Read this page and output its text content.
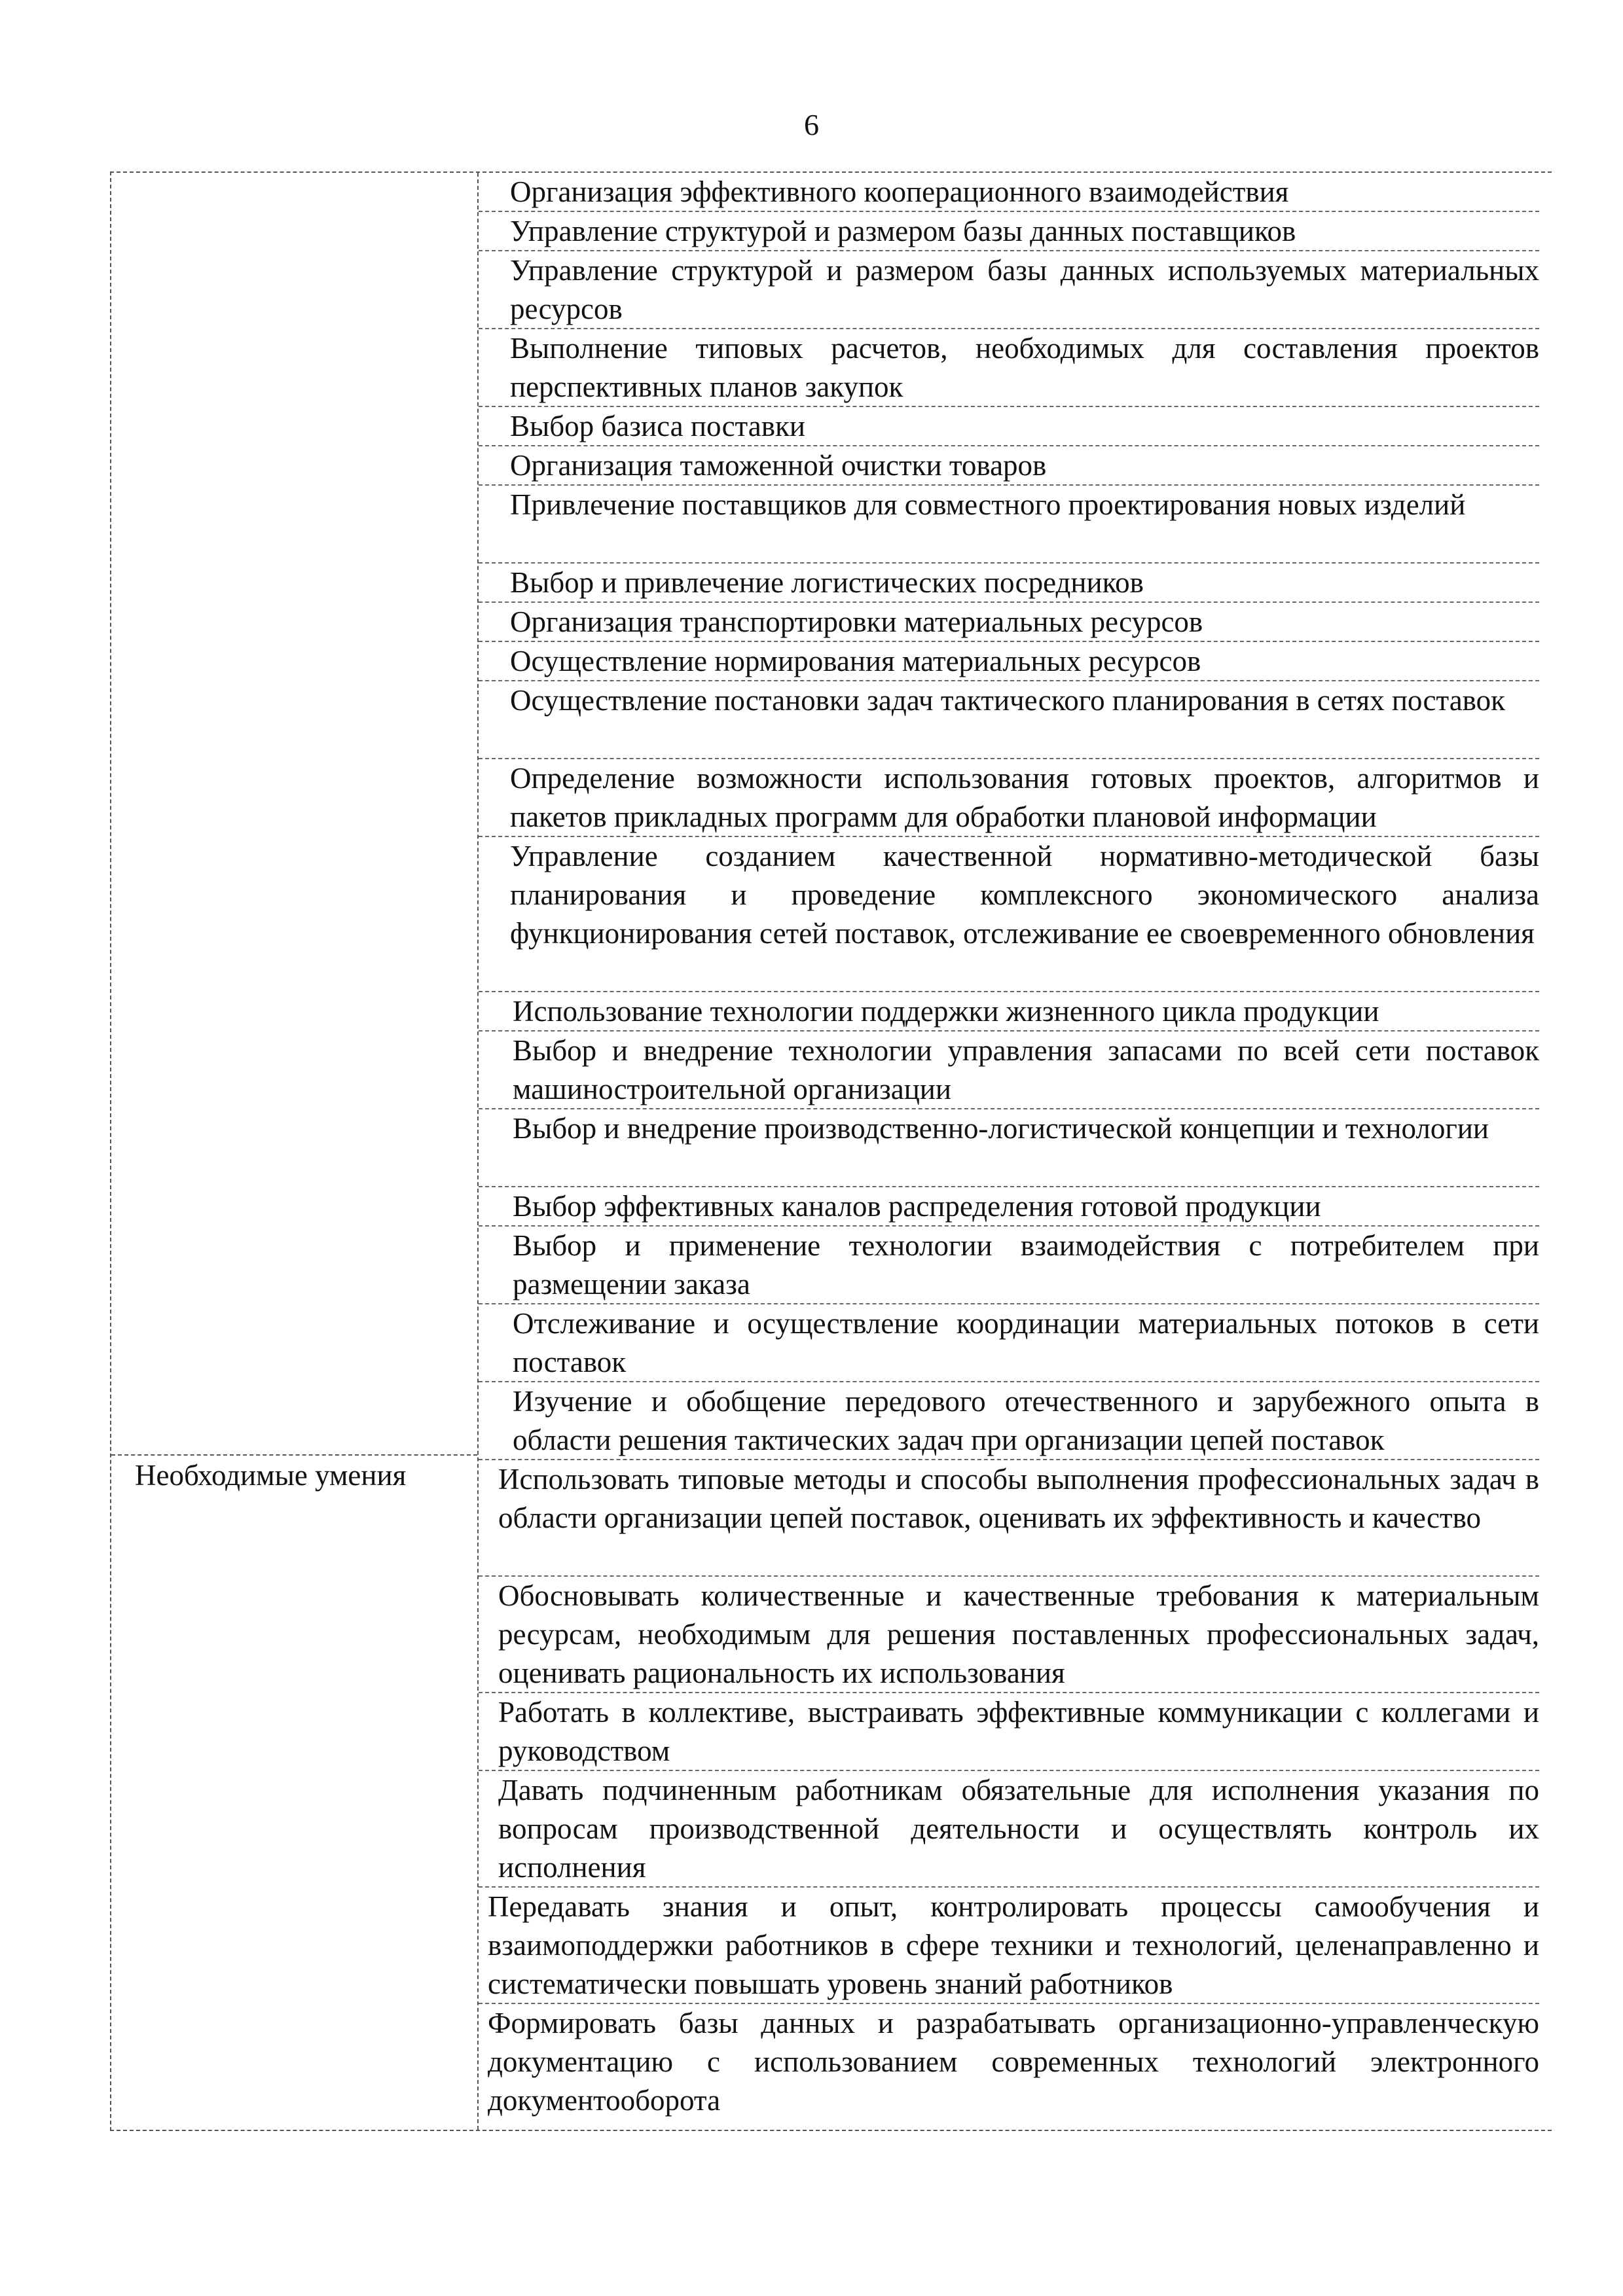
6
Необходимые умения
Организация эффективного кооперационного взаимодействия
Управление структурой и размером базы данных поставщиков
Управление структурой и размером базы данных используемых материальных ресурсов
Выполнение типовых расчетов, необходимых для составления проектов перспективных планов закупок
Выбор базиса поставки
Организация таможенной очистки товаров
Привлечение поставщиков для совместного проектирования новых изделий
Выбор и привлечение логистических посредников
Организация транспортировки материальных ресурсов
Осуществление нормирования материальных ресурсов
Осуществление постановки задач тактического планирования в сетях поставок
Определение возможности использования готовых проектов, алгоритмов и пакетов прикладных программ для обработки плановой информации
Управление созданием качественной нормативно-методической базы планирования и проведение комплексного экономического анализа функционирования сетей поставок, отслеживание ее своевременного обновления
Использование технологии поддержки жизненного цикла продукции
Выбор и внедрение технологии управления запасами по всей сети поставок машиностроительной организации
Выбор и внедрение производственно-логистической концепции и технологии
Выбор эффективных каналов распределения готовой продукции
Выбор и применение технологии взаимодействия с потребителем при размещении заказа
Отслеживание и осуществление координации материальных потоков в сети поставок
Изучение и обобщение передового отечественного и зарубежного опыта в области решения тактических задач при организации цепей поставок
Использовать типовые методы и способы выполнения профессиональных задач в области организации цепей поставок, оценивать их эффективность и качество
Обосновывать количественные и качественные требования к материальным ресурсам, необходимым для решения поставленных профессиональных задач, оценивать рациональность их использования
Работать в коллективе, выстраивать эффективные коммуникации с коллегами и руководством
Давать подчиненным работникам обязательные для исполнения указания по вопросам производственной деятельности и осуществлять контроль их исполнения
Передавать знания и опыт, контролировать процессы самообучения и взаимоподдержки работников в сфере техники и технологий, целенаправленно и систематически повышать уровень знаний работников
Формировать базы данных и разрабатывать организационно-управленческую документацию с использованием современных технологий электронного документооборота
